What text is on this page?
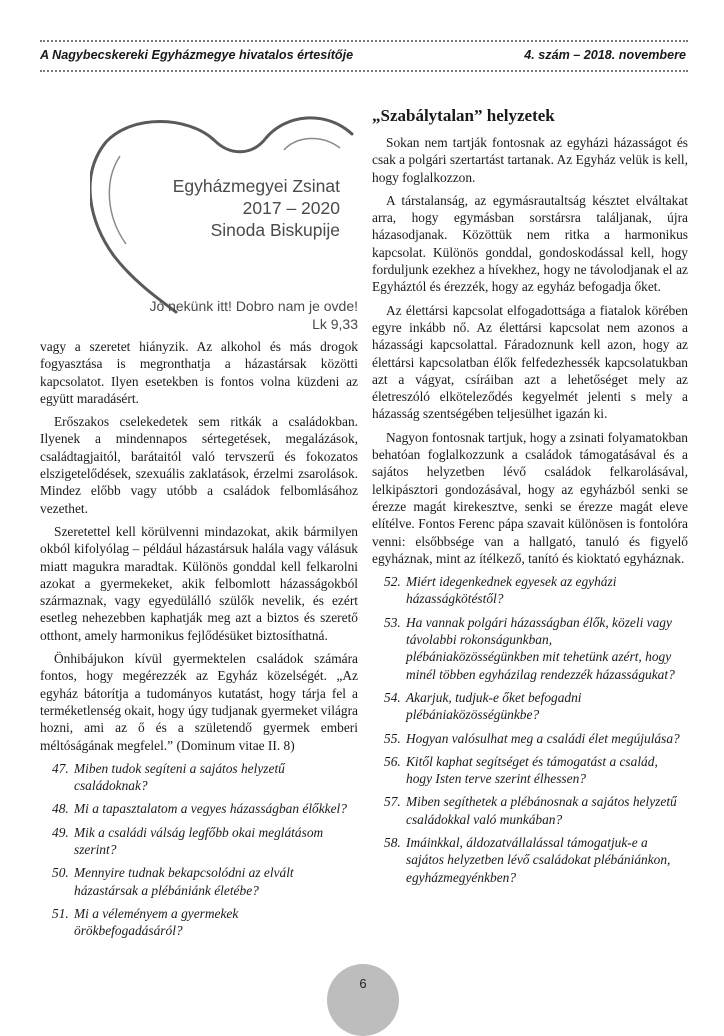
A Nagybecskereki Egyházmegye hivatalos értesítője	4. szám – 2018. novembere
Egyházmegyei Zsinat
2017 – 2020
Sinoda Biskupije
Jó nekünk itt! Dobro nam je ovde!
Lk 9,33

vagy a szeretet hiányzik. Az alkohol és más drogok fogyasztása is megronthatja a házastársak közötti kapcsolatot. Ilyen esetekben is fontos volna küzdeni az együtt maradásért.

Erőszakos cselekedetek sem ritkák a családokban. Ilyenek a mindennapos sértegetések, megalázások, családtagjaitól, barátaitól való tervszerű és fokozatos elszigetelődések, szexuális zaklatások, érzelmi zsarolások. Mindez előbb vagy utóbb a családok felbomlásához vezethet.

Szeretettel kell körülvenni mindazokat, akik bármilyen okból kifolyólag – például házastársuk halála vagy válásuk miatt magukra maradtak. Különös gonddal kell felkarolni azokat a gyermekeket, akik felbomlott házasságokból származnak, vagy egyedülálló szülők nevelik, és ezért esetleg nehezebben kaphatják meg azt a biztos és szerető otthont, amely harmonikus fejlődésüket biztosíthatná.

Önhibájukon kívül gyermektelen családok számára fontos, hogy megérezzék az Egyház közelségét. „Az egyház bátorítja a tudományos kutatást, hogy tárja fel a terméketlenség okait, hogy úgy tudjanak gyermeket világra hozni, ami az ő és a születendő gyermek emberi méltóságának megfelel.” (Dominum vitae II. 8)

47. Miben tudok segíteni a sajátos helyzetű családoknak?
48. Mi a tapasztalatom a vegyes házasságban élőkkel?
49. Mik a családi válság legfőbb okai meglátásom szerint?
50. Mennyire tudnak bekapcsolódni az elvált házastársak a plébániánk életébe?
51. Mi a véleményem a gyermekek örökbefogadásáról?
„Szabálytalan” helyzetek

Sokan nem tartják fontosnak az egyházi házasságot és csak a polgári szertartást tartanak. Az Egyház velük is kell, hogy foglalkozzon.

A társtalanság, az egymásrautaltság késztet elváltakat arra, hogy egymásban sorstársra találjanak, újra házasodjanak. Közöttük nem ritka a harmonikus kapcsolat. Különös gonddal, gondoskodással kell, hogy forduljunk ezekhez a hívekhez, hogy ne távolodjanak el az Egyháztól és érezzék, hogy az egyház befogadja őket.

Az élettársi kapcsolat elfogadottsága a fiatalok körében egyre inkább nő. Az élettársi kapcsolat nem azonos a házassági kapcsolattal. Fáradoznunk kell azon, hogy az élettársi kapcsolatban élők felfedezhessék kapcsolatukban azt a vágyat, csíráiban azt a lehetőséget mely az életreszóló elköteleződés kegyelmét jelenti s mely a házasság szentségében teljesülhet igazán ki.

Nagyon fontosnak tartjuk, hogy a zsinati folyamatokban behatóan foglalkozzunk a családok támogatásával és a sajátos helyzetben lévő családok felkarolásával, lelkipásztori gondozásával, hogy az egyházból senki se érezze magát kirekesztve, senki se érezze magát eleve elítélve. Fontos Ferenc pápa szavait különösen is fontolóra venni: elsőbbsége van a hallgató, tanuló és figyelő egyháznak, mint az ítélkező, tanító és kioktató egyháznak.

52. Miért idegenkednek egyesek az egyházi házasságkötéstől?
53. Ha vannak polgári házasságban élők, közeli vagy távolabbi rokonságunkban, plébániaközösségünkben mit tehetünk azért, hogy minél többen egyházilag rendezzék házasságukat?
54. Akarjuk, tudjuk-e őket befogadni plébániaközösségünkbe?
55. Hogyan valósulhat meg a családi élet megújulása?
56. Kitől kaphat segítséget és támogatást a család, hogy Isten terve szerint élhessen?
57. Miben segíthetek a plébánosnak a sajátos helyzetű családokkal való munkában?
58. Imáinkkal, áldozatvállalással támogatjuk-e a sajátos helyzetben lévő családokat plébániánkon, egyházmegyénkben?
6
